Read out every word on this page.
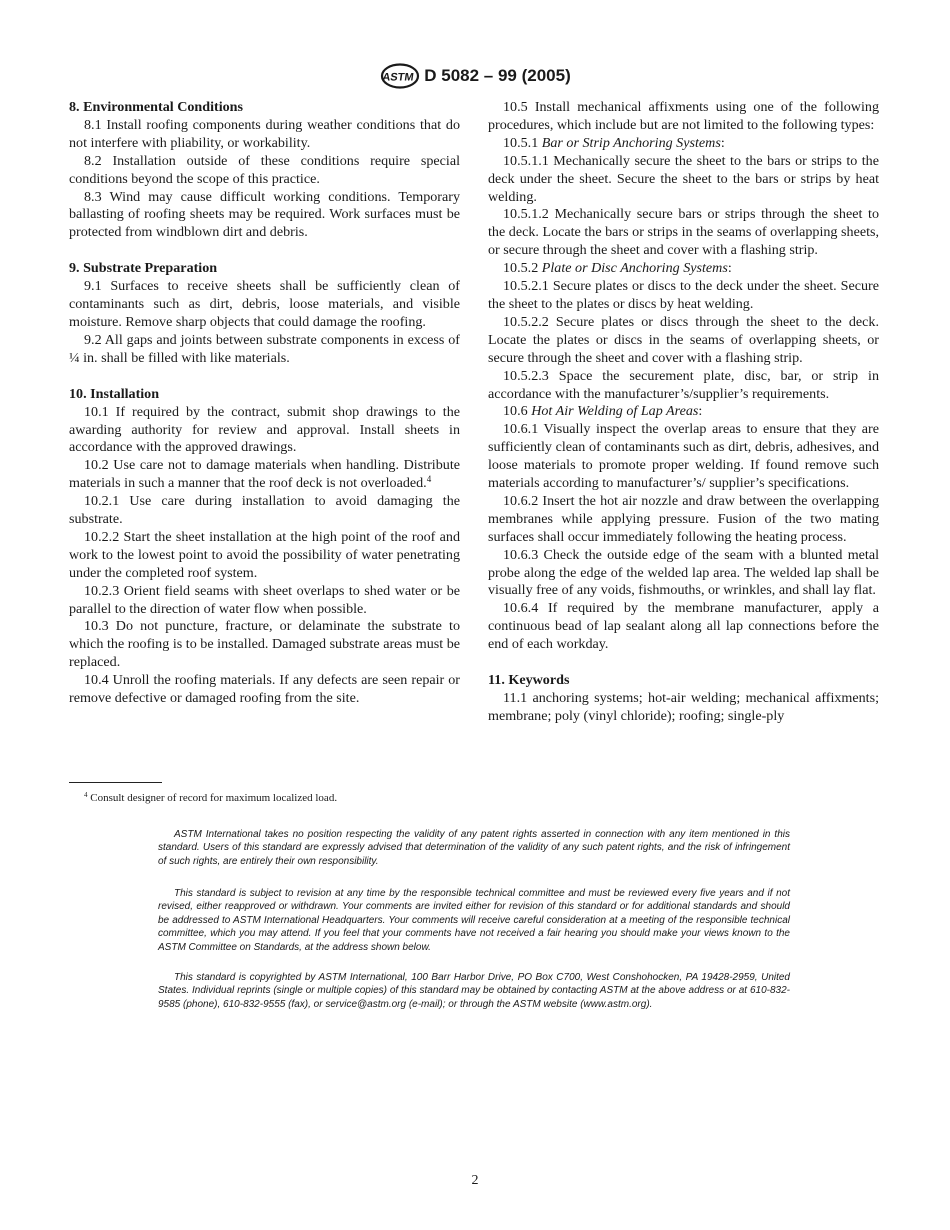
ASTM D 5082 – 99 (2005)
8. Environmental Conditions

8.1 Install roofing components during weather conditions that do not interfere with pliability, or workability.

8.2 Installation outside of these conditions require special conditions beyond the scope of this practice.

8.3 Wind may cause difficult working conditions. Temporary ballasting of roofing sheets may be required. Work surfaces must be protected from windblown dirt and debris.

9. Substrate Preparation

9.1 Surfaces to receive sheets shall be sufficiently clean of contaminants such as dirt, debris, loose materials, and visible moisture. Remove sharp objects that could damage the roofing.

9.2 All gaps and joints between substrate components in excess of ¼ in. shall be filled with like materials.

10. Installation

10.1 If required by the contract, submit shop drawings to the awarding authority for review and approval. Install sheets in accordance with the approved drawings.

10.2 Use care not to damage materials when handling. Distribute materials in such a manner that the roof deck is not overloaded.$^4$

10.2.1 Use care during installation to avoid damaging the substrate.

10.2.2 Start the sheet installation at the high point of the roof and work to the lowest point to avoid the possibility of water penetrating under the completed roof system.

10.2.3 Orient field seams with sheet overlaps to shed water or be parallel to the direction of water flow when possible.

10.3 Do not puncture, fracture, or delaminate the substrate to which the roofing is to be installed. Damaged substrate areas must be replaced.

10.4 Unroll the roofing materials. If any defects are seen repair or remove defective or damaged roofing from the site.

10.5 Install mechanical affixments using one of the following procedures, which include but are not limited to the following types:

10.5.1 Bar or Strip Anchoring Systems:

10.5.1.1 Mechanically secure the sheet to the bars or strips to the deck under the sheet. Secure the sheet to the bars or strips by heat welding.

10.5.1.2 Mechanically secure bars or strips through the sheet to the deck. Locate the bars or strips in the seams of overlapping sheets, or secure through the sheet and cover with a flashing strip.

10.5.2 Plate or Disc Anchoring Systems:

10.5.2.1 Secure plates or discs to the deck under the sheet. Secure the sheet to the plates or discs by heat welding.

10.5.2.2 Secure plates or discs through the sheet to the deck. Locate the plates or discs in the seams of overlapping sheets, or secure through the sheet and cover with a flashing strip.

10.5.2.3 Space the securement plate, disc, bar, or strip in accordance with the manufacturer’s/supplier’s requirements.

10.6 Hot Air Welding of Lap Areas:

10.6.1 Visually inspect the overlap areas to ensure that they are sufficiently clean of contaminants such as dirt, debris, adhesives, and loose materials to promote proper welding. If found remove such materials according to manufacturer’s/ supplier’s specifications.

10.6.2 Insert the hot air nozzle and draw between the overlapping membranes while applying pressure. Fusion of the two mating surfaces shall occur immediately following the heating process.

10.6.3 Check the outside edge of the seam with a blunted metal probe along the edge of the welded lap area. The welded lap shall be visually free of any voids, fishmouths, or wrinkles, and shall lay flat.

10.6.4 If required by the membrane manufacturer, apply a continuous bead of lap sealant along all lap connections before the end of each workday.

11. Keywords

11.1 anchoring systems; hot-air welding; mechanical affixments; membrane; poly (vinyl chloride); roofing; single-ply

$^4$ Consult designer of record for maximum localized load.

ASTM International takes no position respecting the validity of any patent rights asserted in connection with any item mentioned in this standard. Users of this standard are expressly advised that determination of the validity of any such patent rights, and the risk of infringement of such rights, are entirely their own responsibility.

This standard is subject to revision at any time by the responsible technical committee and must be reviewed every five years and if not revised, either reapproved or withdrawn. Your comments are invited either for revision of this standard or for additional standards and should be addressed to ASTM International Headquarters. Your comments will receive careful consideration at a meeting of the responsible technical committee, which you may attend. If you feel that your comments have not received a fair hearing you should make your views known to the ASTM Committee on Standards, at the address shown below.

This standard is copyrighted by ASTM International, 100 Barr Harbor Drive, PO Box C700, West Conshohocken, PA 19428-2959, United States. Individual reprints (single or multiple copies) of this standard may be obtained by contacting ASTM at the above address or at 610-832-9585 (phone), 610-832-9555 (fax), or service@astm.org (e-mail); or through the ASTM website (www.astm.org).

2
